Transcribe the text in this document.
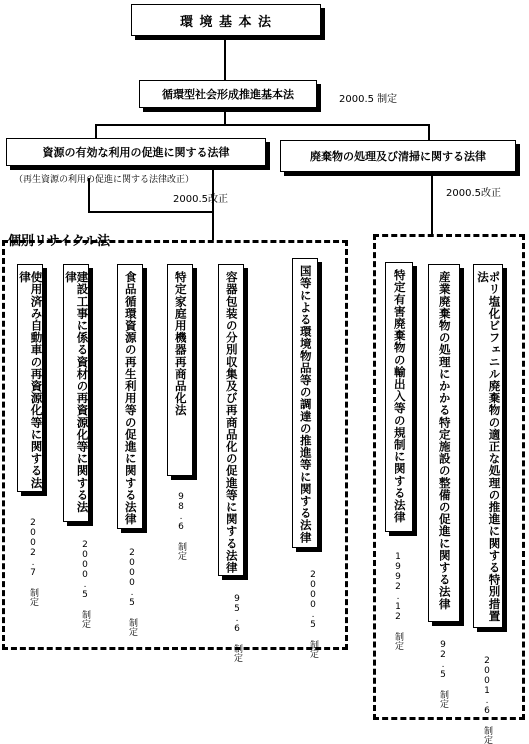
環 境 基 本 法
循環型社会形成推進基本法	2000.5 制定
資源の有効な利用の促進に関する法律
（再生資源の利用の促進に関する法律改正）
2000.5改正
廃棄物の処理及び清掃に関する法律
2000.5改正
個別リサイクル法
使用済み自動車の再資源化等に関する法律
2002.7 制定
建設工事に係る資材の再資源化等に関する法律
2000.5 制定
食品循環資源の再生利用等の促進に関する法律
2000.5 制定
特定家庭用機器再商品化法
98.6 制定	容器包装の分別収集及び再商品化の促進等に関する法律
95.6 制定
国等による環境物品等の調達の推進等に関する法律
2000.5 制定
特定有害廃棄物の輸出入等の規制に関する法律
1992.12 制定	産業廃棄物の処理にかかる特定施設の整備の促進に関する法律
92.5 制定
ポリ塩化ビフェニル廃棄物の適正な処理の推進に関する特別措置法
2001.6 制定
